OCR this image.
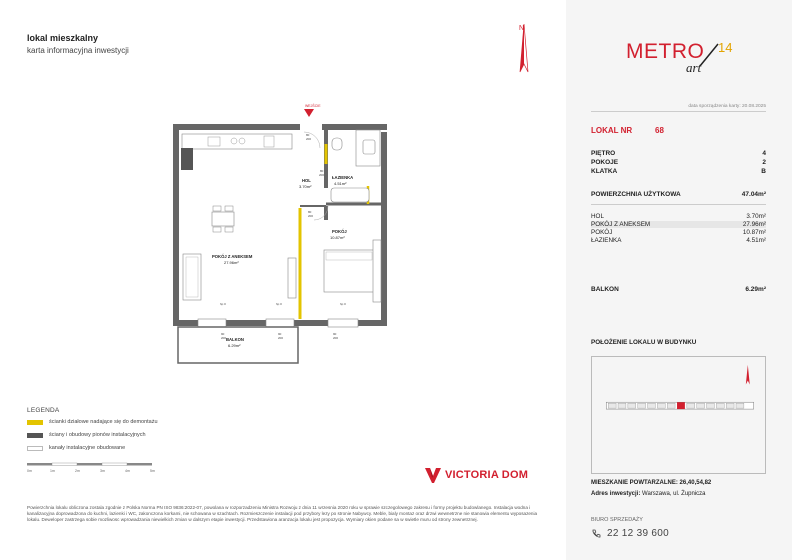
lokal mieszkalny
karta informacyjna inwestycji
N
WEJŚCIE
HOL
3.70m²
ŁAZIENKA
4.51m²
POKÓJ Z ANEKSEM
27.96m²
POKÓJ
10.87m²
BALKON
6.29m²
80
200
80
200
80
200
90
200
90
200
90
200
hp 0	hp 0	hp 0
LEGENDA
ścianki działowe nadające się do demontażu
ściany i obudowy pionów instalacyjnych
kanały instalacyjne obudowane
0m	1m	2m	3m	4m	5m	VICTORIA DOM
Powierzchnia lokalu obliczona zostala zgodnie z Polska Norma PN ISO 9836:2022-07, powolana w rozporzadzeniu Ministra Rozwoju z dnia 11 wrzesnia 2020 roku w sprawie szczegolowego zakresu i formy projektu budowlanego. Instalacja wodna i kanalizacyjna doprowadzona do kuchni, lazienki i WC, zakonczona korkami, nie schowana w szachtach. Rozmieszczenie instalacji pod przybory lezy po stronie Nabywcy. Meble, bialy montaz oraz drzwi wewnetrzne nie stanowia elementu wyposazenia lokalu. Deweloper zastrzega sobie mozliwosc wprowadzania niewielkich zmian w dalszym etapie inwestycji. Przedstawiona aranzacja lokalu jest propozycja. Wymiary okien podane sa w swietle muru od strony zewnetrznej.
METRO 14
art
data sporządzenia karty: 20.08.2025
LOKAL NR	68
PIĘTRO	4
POKOJE	2
KLATKA	B
POWIERZCHNIA UŻYTKOWA	47.04m²
HOL	3.70m²
POKÓJ Z ANEKSEM	27.96m²
POKÓJ	10.87m²
ŁAZIENKA	4.51m²
BALKON	6.29m²
POŁOŻENIE LOKALU W BUDYNKU
MIESZKANIE POWTARZALNE: 26,40,54,82
Adres inwestycji: Warszawa, ul. Żupnicza
BIURO SPRZEDAŻY
22 12 39 600
